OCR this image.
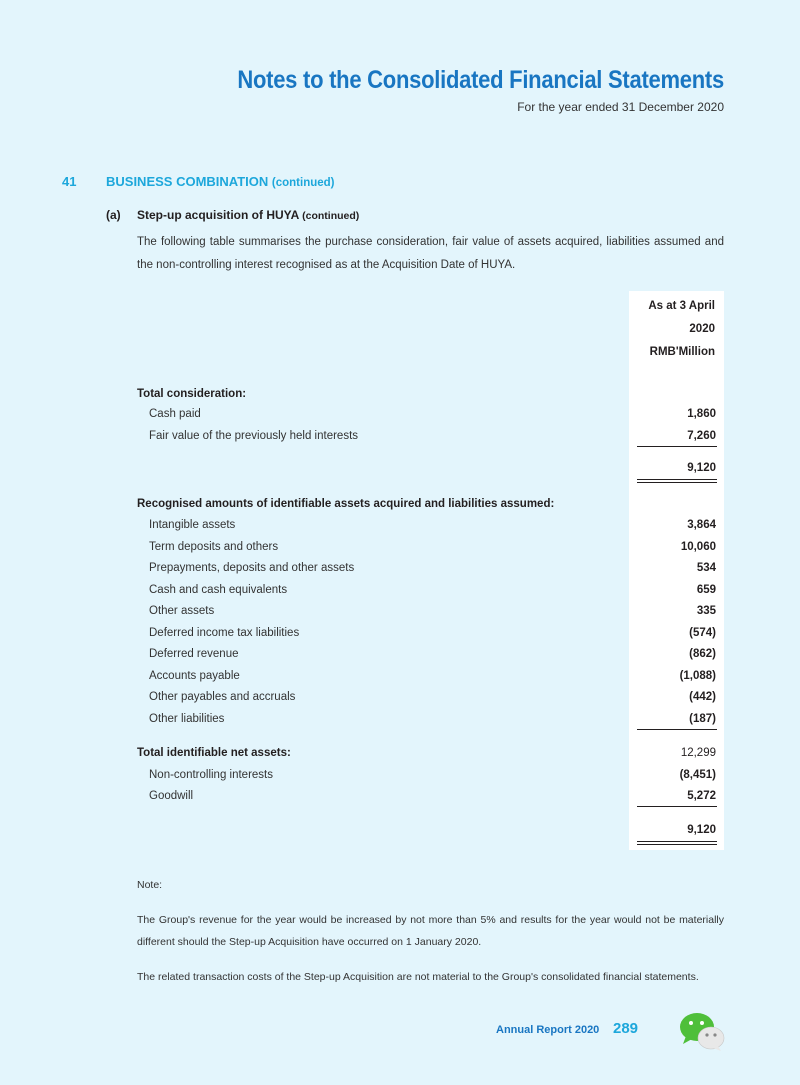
Notes to the Consolidated Financial Statements
For the year ended 31 December 2020
41 BUSINESS COMBINATION (continued)
(a) Step-up acquisition of HUYA (continued)
The following table summarises the purchase consideration, fair value of assets acquired, liabilities assumed and the non-controlling interest recognised as at the Acquisition Date of HUYA.
As at 3 April
2020
RMB'Million
Total consideration:
Cash paid	1,860
Fair value of the previously held interests	7,260
9,120
Recognised amounts of identifiable assets acquired and liabilities assumed:
Intangible assets	3,864
Term deposits and others	10,060
Prepayments, deposits and other assets	534
Cash and cash equivalents	659
Other assets	335
Deferred income tax liabilities	(574)
Deferred revenue	(862)
Accounts payable	(1,088)
Other payables and accruals	(442)
Other liabilities	(187)
Total identifiable net assets:	12,299
Non-controlling interests	(8,451)
Goodwill	5,272
9,120
Note:
The Group's revenue for the year would be increased by not more than 5% and results for the year would not be materially different should the Step-up Acquisition have occurred on 1 January 2020.
The related transaction costs of the Step-up Acquisition are not material to the Group's consolidated financial statements.
Annual Report 2020 289
